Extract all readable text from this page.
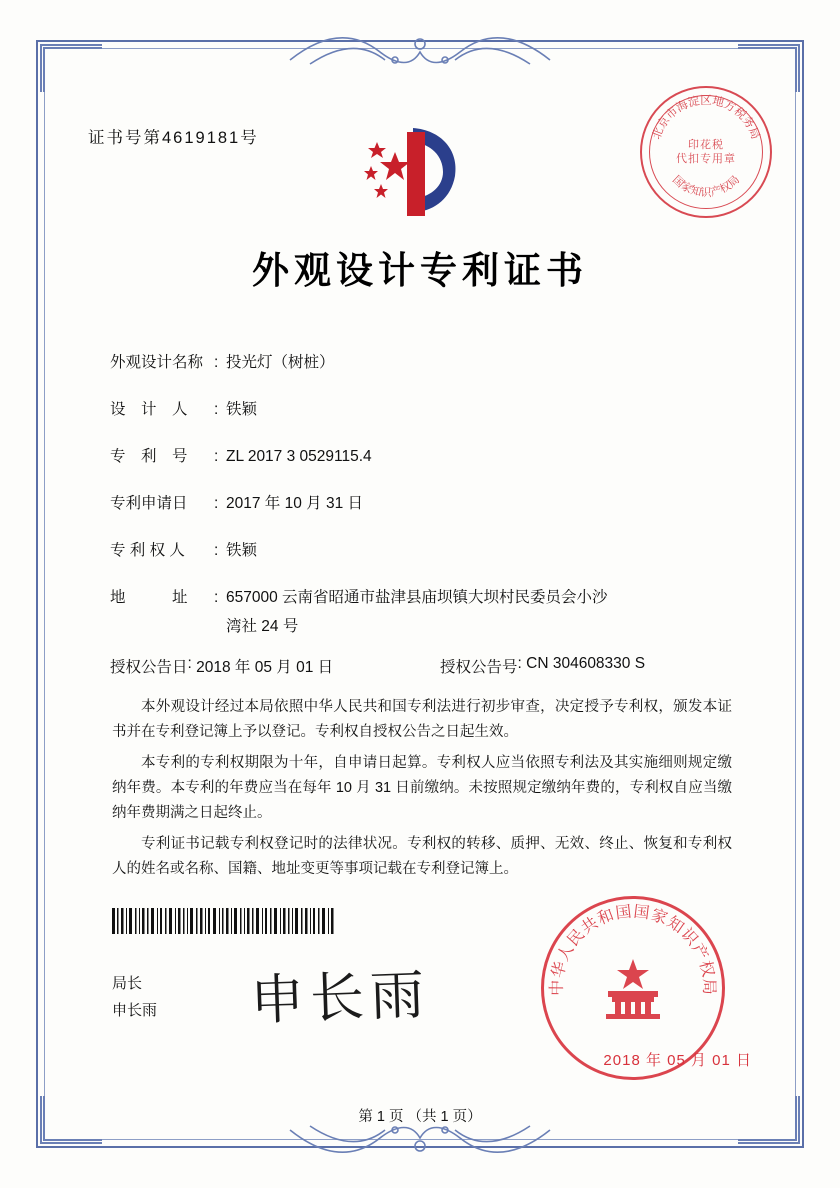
证书号第4619181号	北京市海淀区地方税务局
国家知识产权局
印花税
代扣专用章
外观设计专利证书
外观设计名称 : 投光灯（树桩）
设　计　人	: 铁颖
专　利　号	: ZL 2017 3 0529115.4
专利申请日	: 2017 年 10 月 31 日
专 利 权 人	: 铁颖
地　　　址	: 657000 云南省昭通市盐津县庙坝镇大坝村民委员会小沙
湾社 24 号
授权公告日 : 2018 年 05 月 01 日	授权公告号 : CN 304608330 S

本外观设计经过本局依照中华人民共和国专利法进行初步审查，决定授予专利权，颁发本证书并在专利登记簿上予以登记。专利权自授权公告之日起生效。

本专利的专利权期限为十年，自申请日起算。专利权人应当依照专利法及其实施细则规定缴纳年费。本专利的年费应当在每年 10 月 31 日前缴纳。未按照规定缴纳年费的，专利权自应当缴纳年费期满之日起终止。

专利证书记载专利权登记时的法律状况。专利权的转移、质押、无效、终止、恢复和专利权人的姓名或名称、国籍、地址变更等事项记载在专利登记簿上。

局长
申长雨 申长雨	中华人民共和国国家知识产权局
2018 年 05 月 01 日
第 1 页 （共 1 页）
